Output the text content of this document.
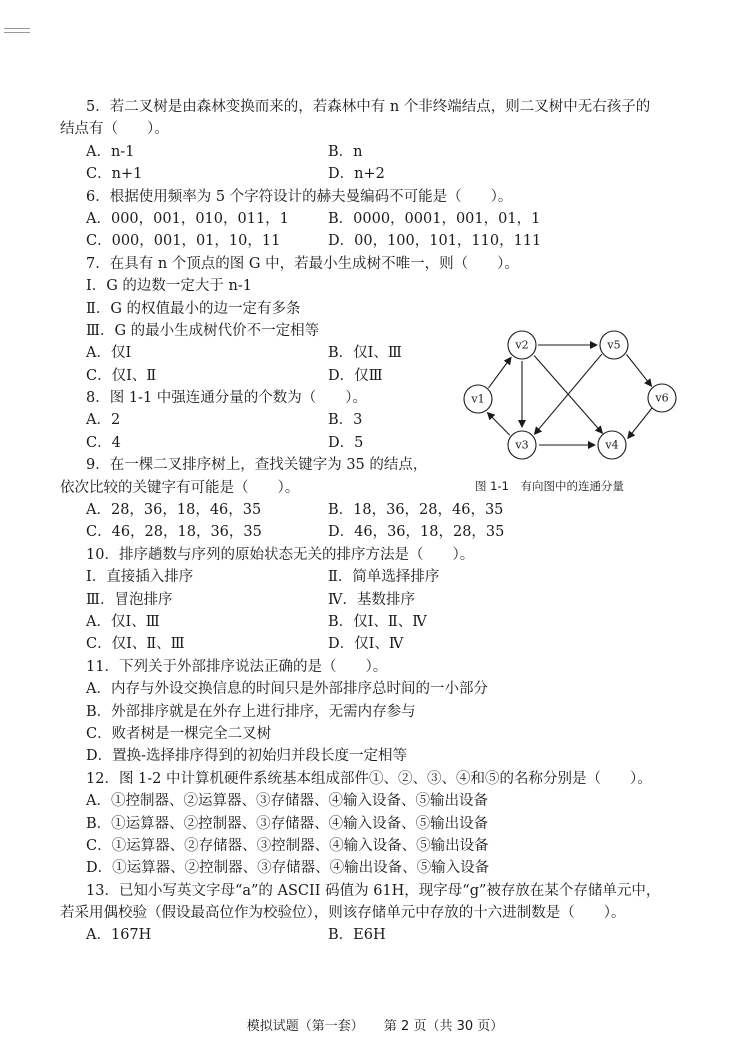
5．若二叉树是由森林变换而来的，若森林中有 n 个非终端结点，则二叉树中无右孩子的
结点有（　　）。
A．n-1	B．n
C．n+1	D．n+2
6．根据使用频率为 5 个字符设计的赫夫曼编码不可能是（　　）。
A．000，001，010，011，1	B．0000，0001，001，01，1
C．000，001，01，10，11	D．00，100，101，110，111
7．在具有 n 个顶点的图 G 中，若最小生成树不唯一，则（　　）。
Ⅰ．G 的边数一定大于 n-1
Ⅱ．G 的权值最小的边一定有多条
Ⅲ．G 的最小生成树代价不一定相等
A．仅Ⅰ	B．仅Ⅰ、Ⅲ
C．仅Ⅰ、Ⅱ	D．仅Ⅲ
8．图 1-1 中强连通分量的个数为（　　）。
A．2	B．3
C．4	D．5
9．在一棵二叉排序树上，查找关键字为 35 的结点，
依次比较的关键字有可能是（　　）。
A．28，36，18，46，35	B．18，36，28，46，35
C．46，28，18，36，35	D．46，36，18，28，35
10．排序趟数与序列的原始状态无关的排序方法是（　　）。
Ⅰ．直接插入排序	Ⅱ．简单选择排序
Ⅲ．冒泡排序	Ⅳ．基数排序
A．仅Ⅰ、Ⅲ	B．仅Ⅰ、Ⅱ、Ⅳ
C．仅Ⅰ、Ⅱ、Ⅲ	D．仅Ⅰ、Ⅳ
11．下列关于外部排序说法正确的是（　　）。
A．内存与外设交换信息的时间只是外部排序总时间的一小部分
B．外部排序就是在外存上进行排序，无需内存参与
C．败者树是一棵完全二叉树
D．置换-选择排序得到的初始归并段长度一定相等
12．图 1-2 中计算机硬件系统基本组成部件①、②、③、④和⑤的名称分别是（　　）。
A．①控制器、②运算器、③存储器、④输入设备、⑤输出设备
B．①运算器、②控制器、③存储器、④输入设备、⑤输出设备
C．①运算器、②存储器、③控制器、④输入设备、⑤输出设备
D．①运算器、②控制器、③存储器、④输出设备、⑤输入设备
13．已知小写英文字母“a”的 ASCII 码值为 61H，现字母“g”被存放在某个存储单元中，
若采用偶校验（假设最高位作为校验位），则该存储单元中存放的十六进制数是（　　）。
A．167H	B．E6H
v1
v2
v3	v4
v5
v6
图 1-1　有向图中的连通分量
模拟试题（第一套） 第 2 页（共 30 页）
